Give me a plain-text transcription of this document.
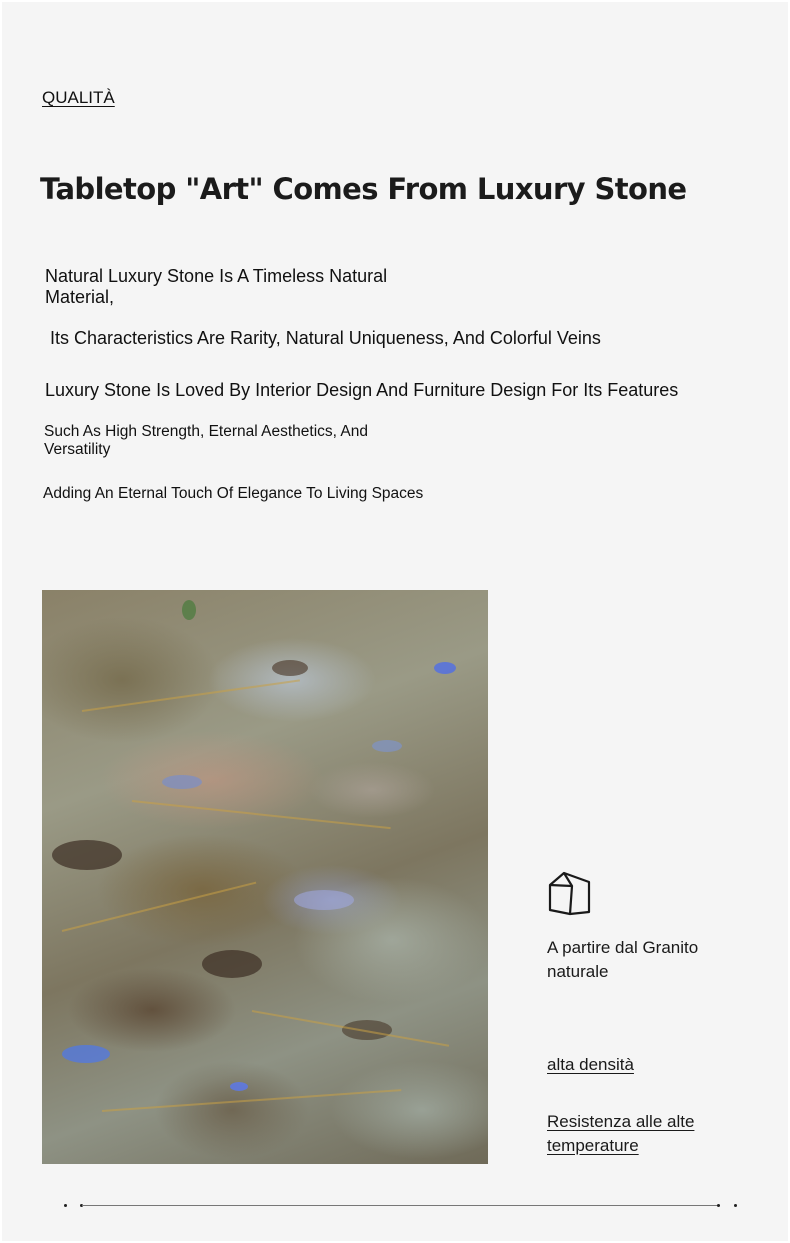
QUALITÀ
Tabletop "Art" Comes From Luxury Stone
Natural Luxury Stone Is A Timeless Natural Material,
Its Characteristics Are Rarity, Natural Uniqueness, And Colorful Veins
Luxury Stone Is Loved By Interior Design And Furniture Design For Its Features
Such As High Strength, Eternal Aesthetics, And Versatility
Adding An Eternal Touch Of Elegance To Living Spaces
A partire dal Granito naturale
alta densità
Resistenza alle alte temperature
